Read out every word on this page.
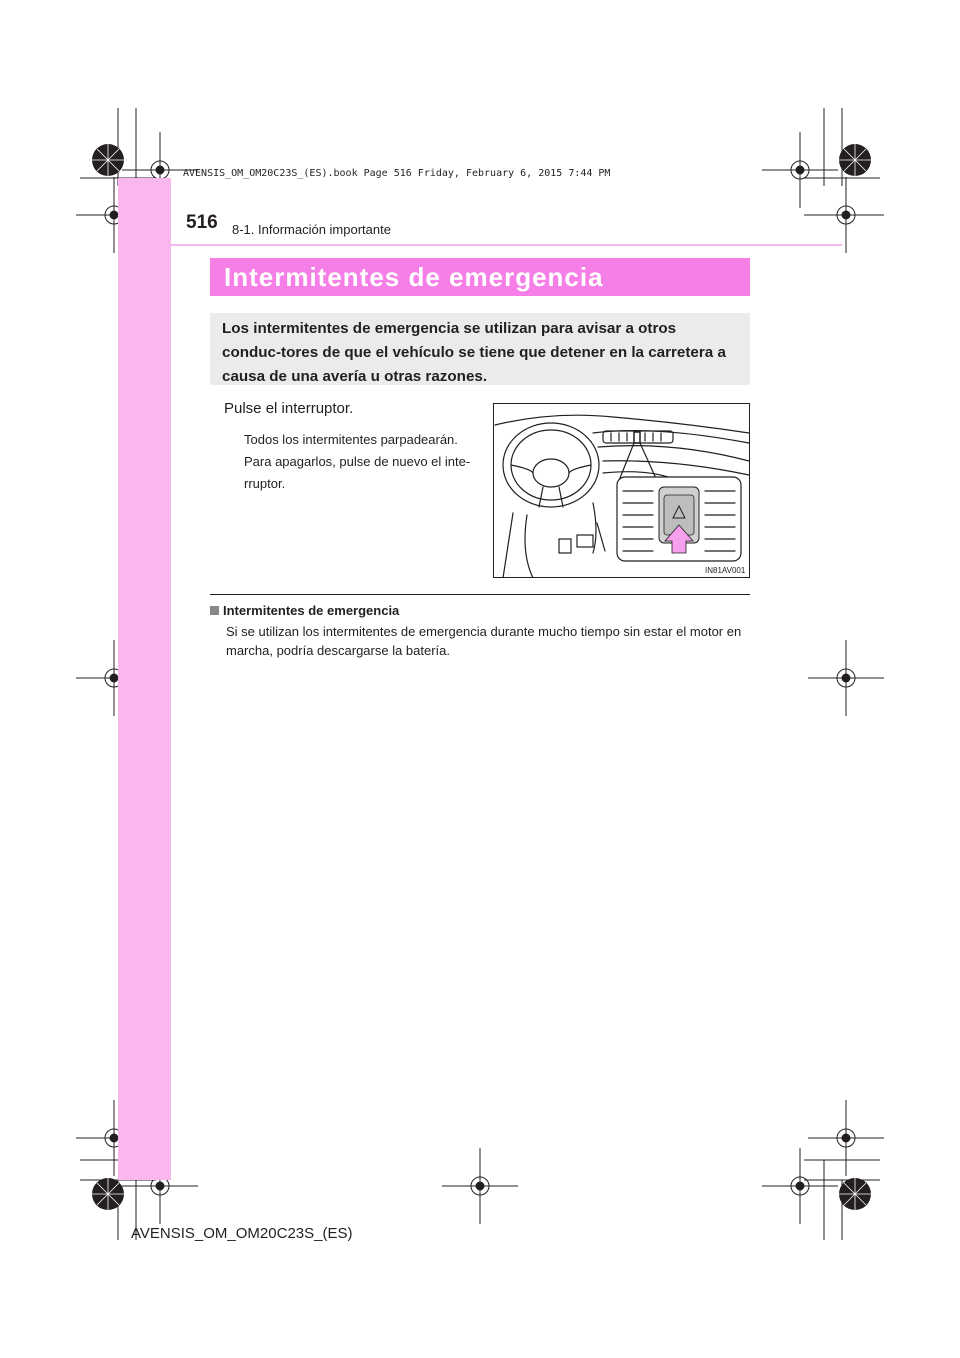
AVENSIS_OM_OM20C23S_(ES).book Page 516 Friday, February 6, 2015 7:44 PM
516 8-1. Información importante
Intermitentes de emergencia
Los intermitentes de emergencia se utilizan para avisar a otros conduc-tores de que el vehículo se tiene que detener en la carretera a causa de una avería u otras razones.
Pulse el interruptor.
Todos los intermitentes parpadearán. Para apagarlos, pulse de nuevo el inte-rruptor.
IN81AV001
Intermitentes de emergencia
Si se utilizan los intermitentes de emergencia durante mucho tiempo sin estar el motor en marcha, podría descargarse la batería.
AVENSIS_OM_OM20C23S_(ES)
